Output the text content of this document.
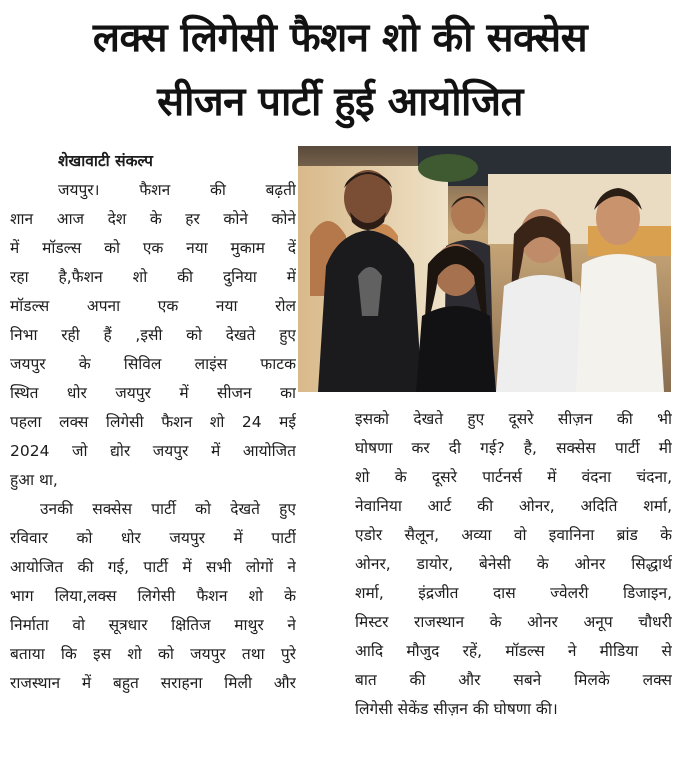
लक्स लिगेसी फैशन शो की सक्सेस
सीजन पार्टी हुई आयोजित
शेखावाटी संकल्प
जयपुर। फैशन की बढ़ती
शान आज देश के हर कोने कोने
में मॉडल्स को एक नया मुकाम दें
रहा है,फैशन शो की दुनिया में
मॉडल्स अपना एक नया रोल
निभा रही हैं ,इसी को देखते हुए
जयपुर के सिविल लाइंस फाटक
स्थित धोर जयपुर में सीजन का
पहला लक्स लिगेसी फैशन शो 24 मई
2024 जो द्योर जयपुर में आयोजित
हुआ था,
उनकी सक्सेस पार्टी को देखते हुए
रविवार को धोर जयपुर में पार्टी
आयोजित की गई, पार्टी में सभी लोगों ने
भाग लिया,लक्स लिगेसी फैशन शो के
निर्माता वो सूत्रधार क्षितिज माथुर ने
बताया कि इस शो को जयपुर तथा पुरे
राजस्थान में बहुत सराहना मिली और
इसको देखते हुए दूसरे सीज़न की भी
घोषणा कर दी गई? है, सक्सेस पार्टी मी
शो के दूसरे पार्टनर्स में वंदना चंदना,
नेवानिया आर्ट की ओनर, अदिति शर्मा,
एडोर सैलून, अव्या वो इवानिना ब्रांड के
ओनर, डायोर, बेनेसी के ओनर सिद्धार्थ
शर्मा, इंद्रजीत दास ज्वेलरी डिजाइन,
मिस्टर राजस्थान के ओनर अनूप चौधरी
आदि मौजुद रहें, मॉडल्स ने मीडिया से
बात की और सबने मिलके लक्स
लिगेसी सेकेंड सीज़न की घोषणा की।
